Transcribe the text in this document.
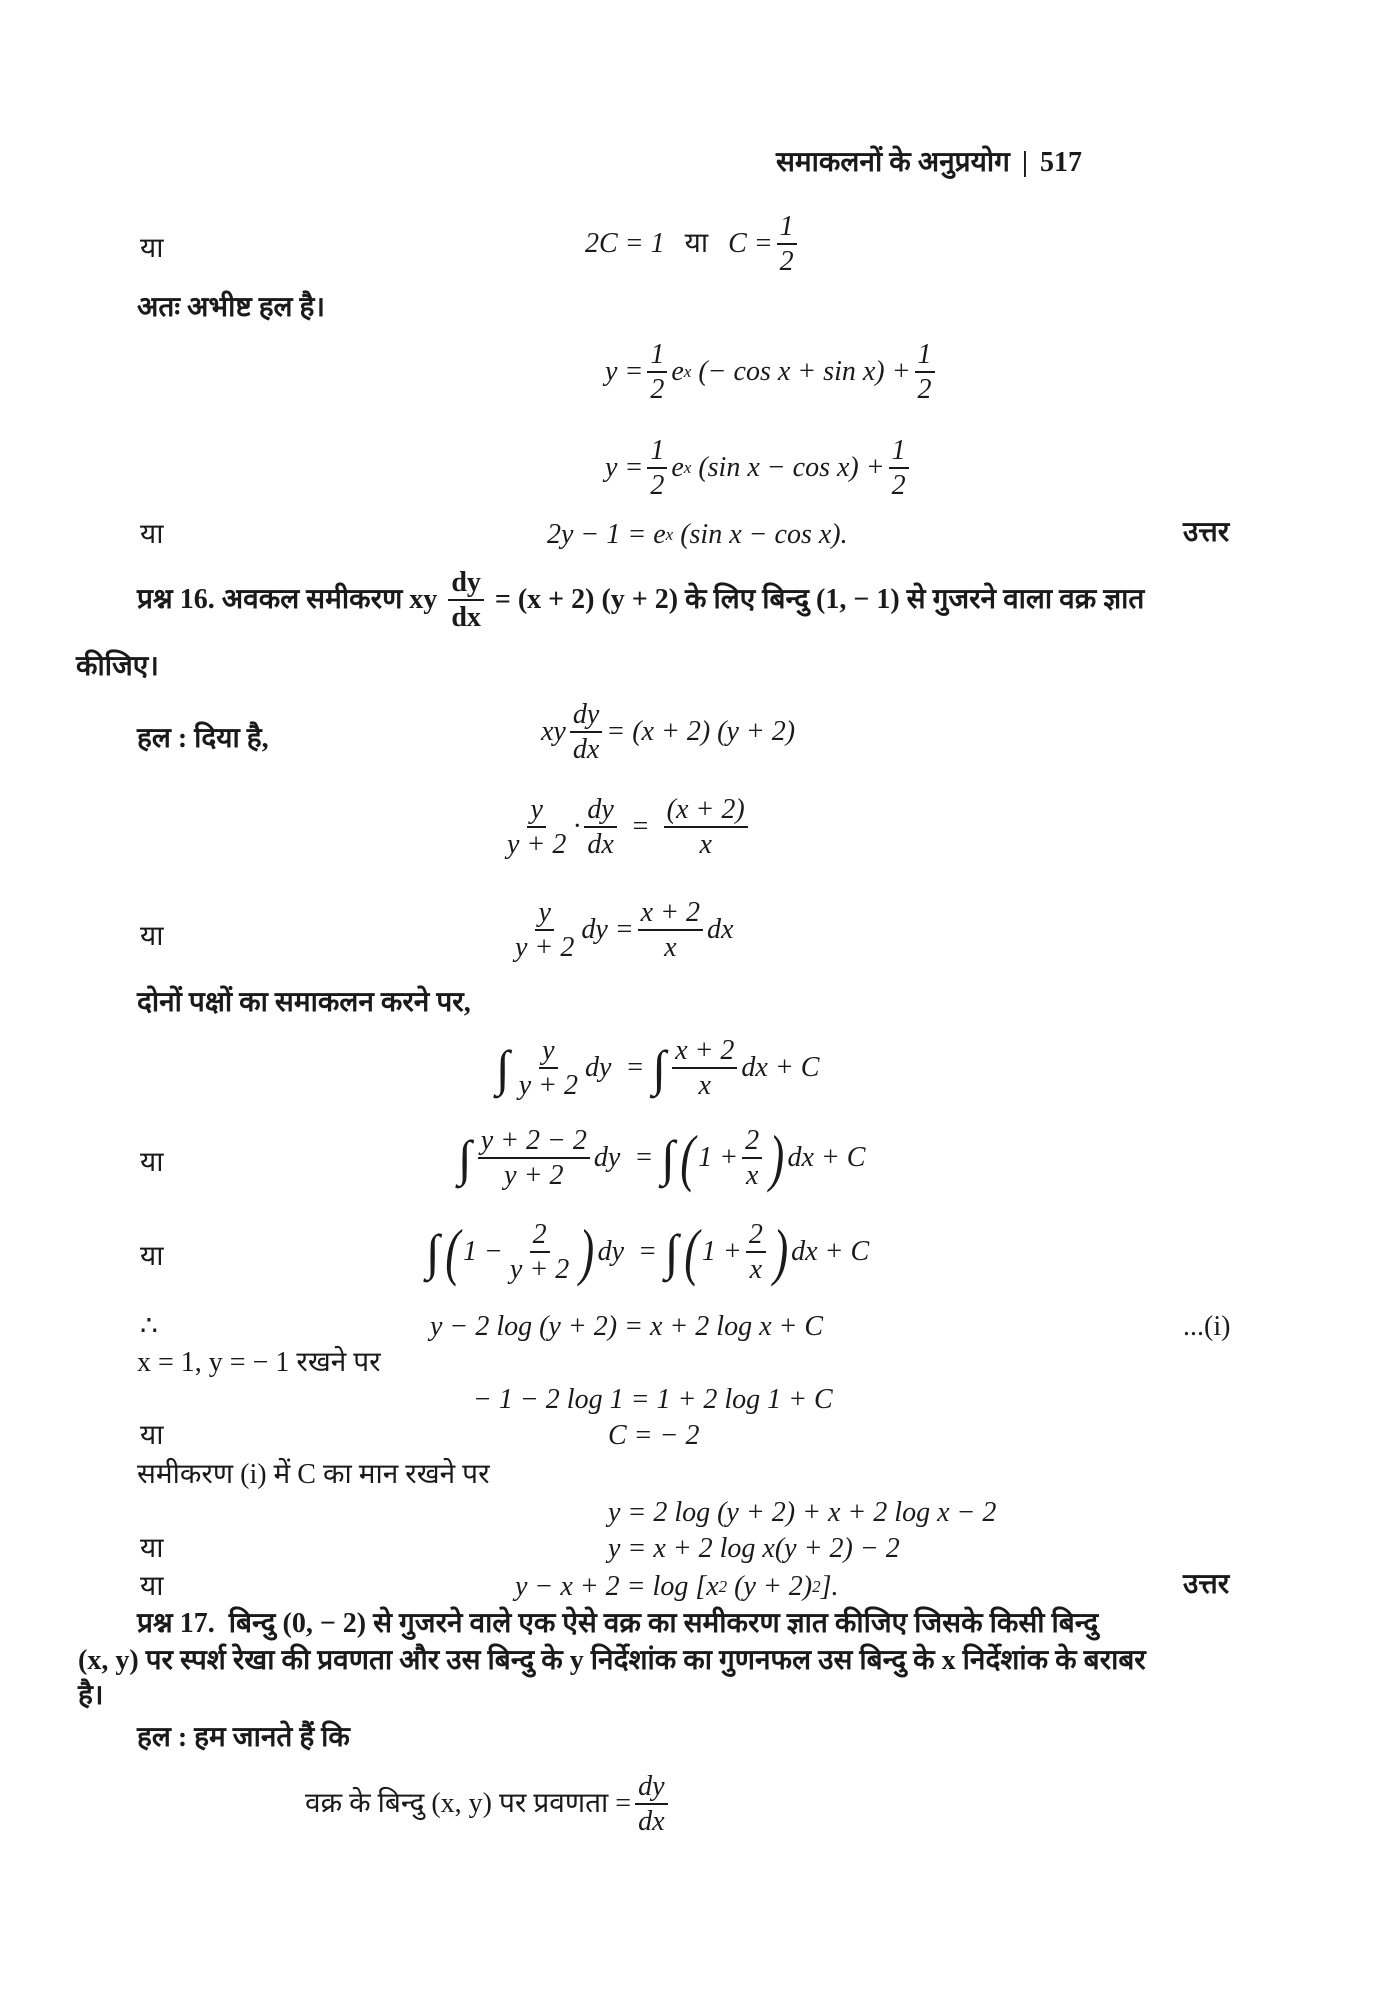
समाकलनों के अनुप्रयोग | 517
या	2C = 1 या $C = \frac{1}{2}$
अतः अभीष्ट हल है।
$y = \frac{1}{2}$ e x (− $\cos x + \sin x) + \frac{1}{2}$
$y = \frac{1}{2}$ e x (sin $x - \cos x) + \frac{1}{2}$
या	2y − 1 = e x (sin x − cos x).	उत्तर
प्रश्न 16. अवकल समीकरण xy $\frac{dy}{dx} = (x + 2) (y + 2)$ के लिए बिन्दु (1, − 1) से गुजरने वाला वक्र ज्ञात
कीजिए।
हल : दिया है,	xy $\frac{dy}{dx} = (x + 2) (y + 2)$
$\frac{y}{y + 2} \cdot \frac{dy}{dx} = \frac{(x + 2)}{x}$
या	$\frac{y}{y + 2}$ dy = $\frac{x + 2}{x}$ dx
दोनों पक्षों का समाकलन करने पर,
∫ $\frac{y}{y + 2}$ dy  = ∫ $\frac{x + 2}{x}$ dx + C
या	∫ $\frac{y + 2 - 2}{y + 2}$ dy  = ∫ ( $1 + \frac{2}{x}$ ) dx + C
या	∫ ( $1 - \frac{2}{y + 2}$ ) dy  = ∫ ( $1 + \frac{2}{x}$ ) dx + C
∴	y − 2 log (y + 2) = x + 2 log x + C	...(i)
x = 1, y = − 1 रखने पर
− 1 − 2 log 1 = 1 + 2 log 1 + C
या	C = − 2
समीकरण (i) में C का मान रखने पर
y = 2 log (y + 2) + x + 2 log x − 2
या	y = x + 2 log x(y + 2) − 2
या	y − x + 2 = log [x 2 (y + 2) 2 ].	उत्तर
प्रश्न 17. बिन्दु (0, − 2) से गुजरने वाले एक ऐसे वक्र का समीकरण ज्ञात कीजिए जिसके किसी बिन्दु
(x, y) पर स्पर्श रेखा की प्रवणता और उस बिन्दु के y निर्देशांक का गुणनफल उस बिन्दु के x निर्देशांक के बराबर
है।
हल : हम जानते हैं कि
वक्र के बिन्दु (x, y) पर प्रवणता = $\frac{dy}{dx}$
